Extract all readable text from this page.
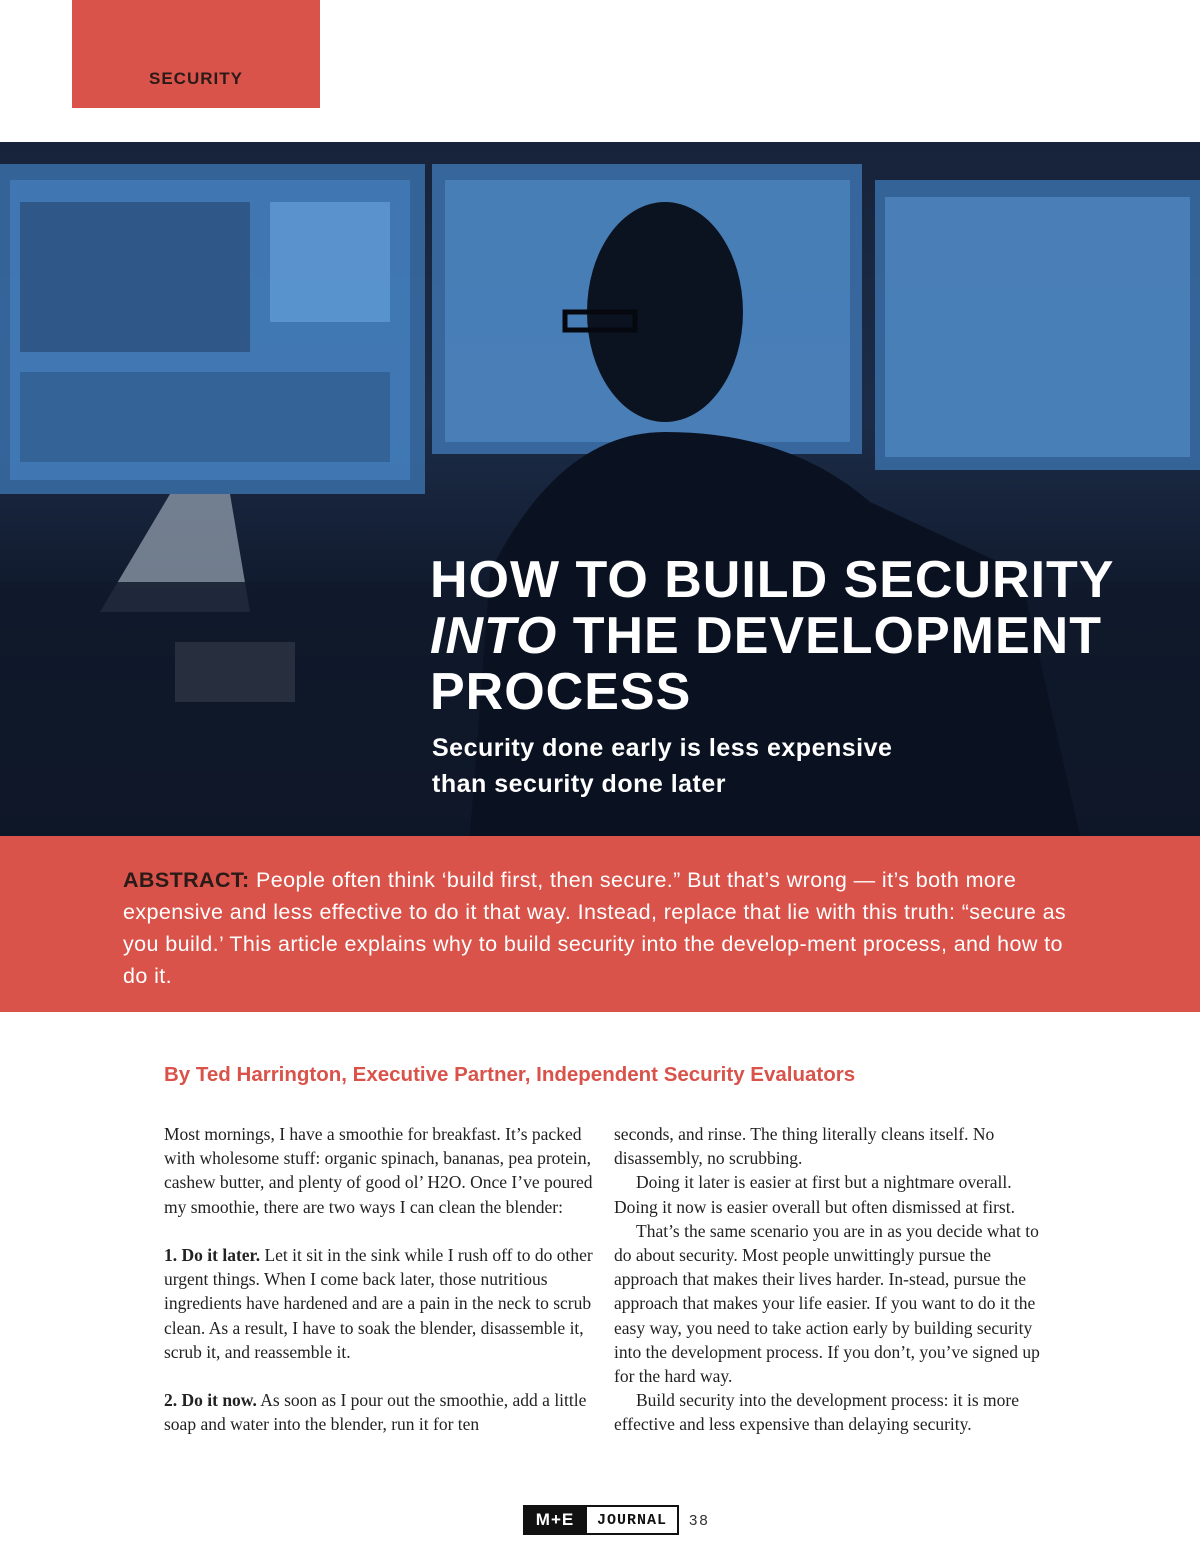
SECURITY
HOW TO BUILD SECURITY
INTO THE DEVELOPMENT
PROCESS

Security done early is less expensive than security done later

ABSTRACT: People often think ‘build first, then secure.” But that’s wrong — it’s both more expensive and less effective to do it that way. Instead, replace that lie with this truth: “secure as you build.’ This article explains why to build security into the develop-ment process, and how to do it.

By Ted Harrington, Executive Partner, Independent Security Evaluators

Most mornings, I have a smoothie for breakfast. It’s packed with wholesome stuff: organic spinach, bananas, pea protein, cashew butter, and plenty of good ol’ H2O. Once I’ve poured my smoothie, there are two ways I can clean the blender:

1. Do it later. Let it sit in the sink while I rush off to do other urgent things. When I come back later, those nutritious ingredients have hardened and are a pain in the neck to scrub clean. As a result, I have to soak the blender, disassemble it, scrub it, and reassemble it.

2. Do it now. As soon as I pour out the smoothie, add a little soap and water into the blender, run it for ten

seconds, and rinse. The thing literally cleans itself. No disassembly, no scrubbing.

Doing it later is easier at first but a nightmare overall. Doing it now is easier overall but often dismissed at first.

That’s the same scenario you are in as you decide what to do about security. Most people unwittingly pursue the approach that makes their lives harder. In-stead, pursue the approach that makes your life easier. If you want to do it the easy way, you need to take action early by building security into the development process. If you don’t, you’ve signed up for the hard way.

Build security into the development process: it is more effective and less expensive than delaying security.

M+E	JOURNAL	38
